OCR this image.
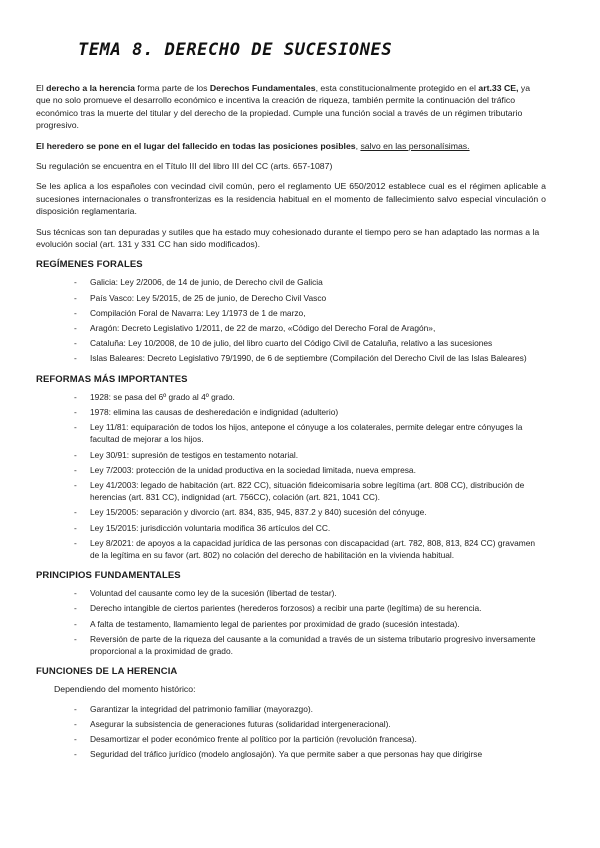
TEMA 8. DERECHO DE SUCESIONES

El derecho a la herencia forma parte de los Derechos Fundamentales, esta constitucionalmente protegido en el art.33 CE, ya que no solo promueve el desarrollo económico e incentiva la creación de riqueza, también permite la continuación del tráfico económico tras la muerte del titular y del derecho de la propiedad. Cumple una función social a través de un régimen tributario progresivo.

El heredero se pone en el lugar del fallecido en todas las posiciones posibles, salvo en las personalísimas.

Su regulación se encuentra en el Título III del libro III del CC (arts. 657-1087)

Se les aplica a los españoles con vecindad civil común, pero el reglamento UE 650/2012 establece cual es el régimen aplicable a sucesiones internacionales o transfronterizas es la residencia habitual en el momento de fallecimiento salvo especial vinculación o disposición reglamentaria.

Sus técnicas son tan depuradas y sutiles que ha estado muy cohesionado durante el tiempo pero se han adaptado las normas a la evolución social (art. 131 y 331 CC han sido modificados).

REGÍMENES FORALES
- Galicia: Ley 2/2006, de 14 de junio, de Derecho civil de Galicia
- País Vasco: Ley 5/2015, de 25 de junio, de Derecho Civil Vasco
- Compilación Foral de Navarra: Ley 1/1973 de 1 de marzo,
- Aragón: Decreto Legislativo 1/2011, de 22 de marzo, «Código del Derecho Foral de Aragón»,
- Cataluña: Ley 10/2008, de 10 de julio, del libro cuarto del Código Civil de Cataluña, relativo a las sucesiones
- Islas Baleares: Decreto Legislativo 79/1990, de 6 de septiembre (Compilación del Derecho Civil de las Islas Baleares)
REFORMAS MÁS IMPORTANTES
- 1928: se pasa del 6º grado al 4º grado.
- 1978: elimina las causas de desheredación e indignidad (adulterio)
- Ley 11/81: equiparación de todos los hijos, antepone el cónyuge a los colaterales, permite delegar entre cónyuges la facultad de mejorar a los hijos.
- Ley 30/91: supresión de testigos en testamento notarial.
- Ley 7/2003: protección de la unidad productiva en la sociedad limitada, nueva empresa.
- Ley 41/2003: legado de habitación (art. 822 CC), situación fideicomisaria sobre legítima (art. 808 CC), distribución de herencias (art. 831 CC), indignidad (art. 756CC), colación (art. 821, 1041 CC).
- Ley 15/2005: separación y divorcio (art. 834, 835, 945, 837.2 y 840) sucesión del cónyuge.
- Ley 15/2015: jurisdicción voluntaria modifica 36 artículos del CC.
- Ley 8/2021: de apoyos a la capacidad jurídica de las personas con discapacidad (art. 782, 808, 813, 824 CC) gravamen de la legítima en su favor (art. 802) no colación del derecho de habilitación en la vivienda habitual.
PRINCIPIOS FUNDAMENTALES
- Voluntad del causante como ley de la sucesión (libertad de testar).
- Derecho intangible de ciertos parientes (herederos forzosos) a recibir una parte (legítima) de su herencia.
- A falta de testamento, llamamiento legal de parientes por proximidad de grado (sucesión intestada).
- Reversión de parte de la riqueza del causante a la comunidad a través de un sistema tributario progresivo inversamente proporcional a la proximidad de grado.
FUNCIONES DE LA HERENCIA
Dependiendo del momento histórico:
- Garantizar la integridad del patrimonio familiar (mayorazgo).
- Asegurar la subsistencia de generaciones futuras (solidaridad intergeneracional).
- Desamortizar el poder económico frente al político por la partición (revolución francesa).
- Seguridad del tráfico jurídico (modelo anglosajón). Ya que permite saber a que personas hay que dirigirse
